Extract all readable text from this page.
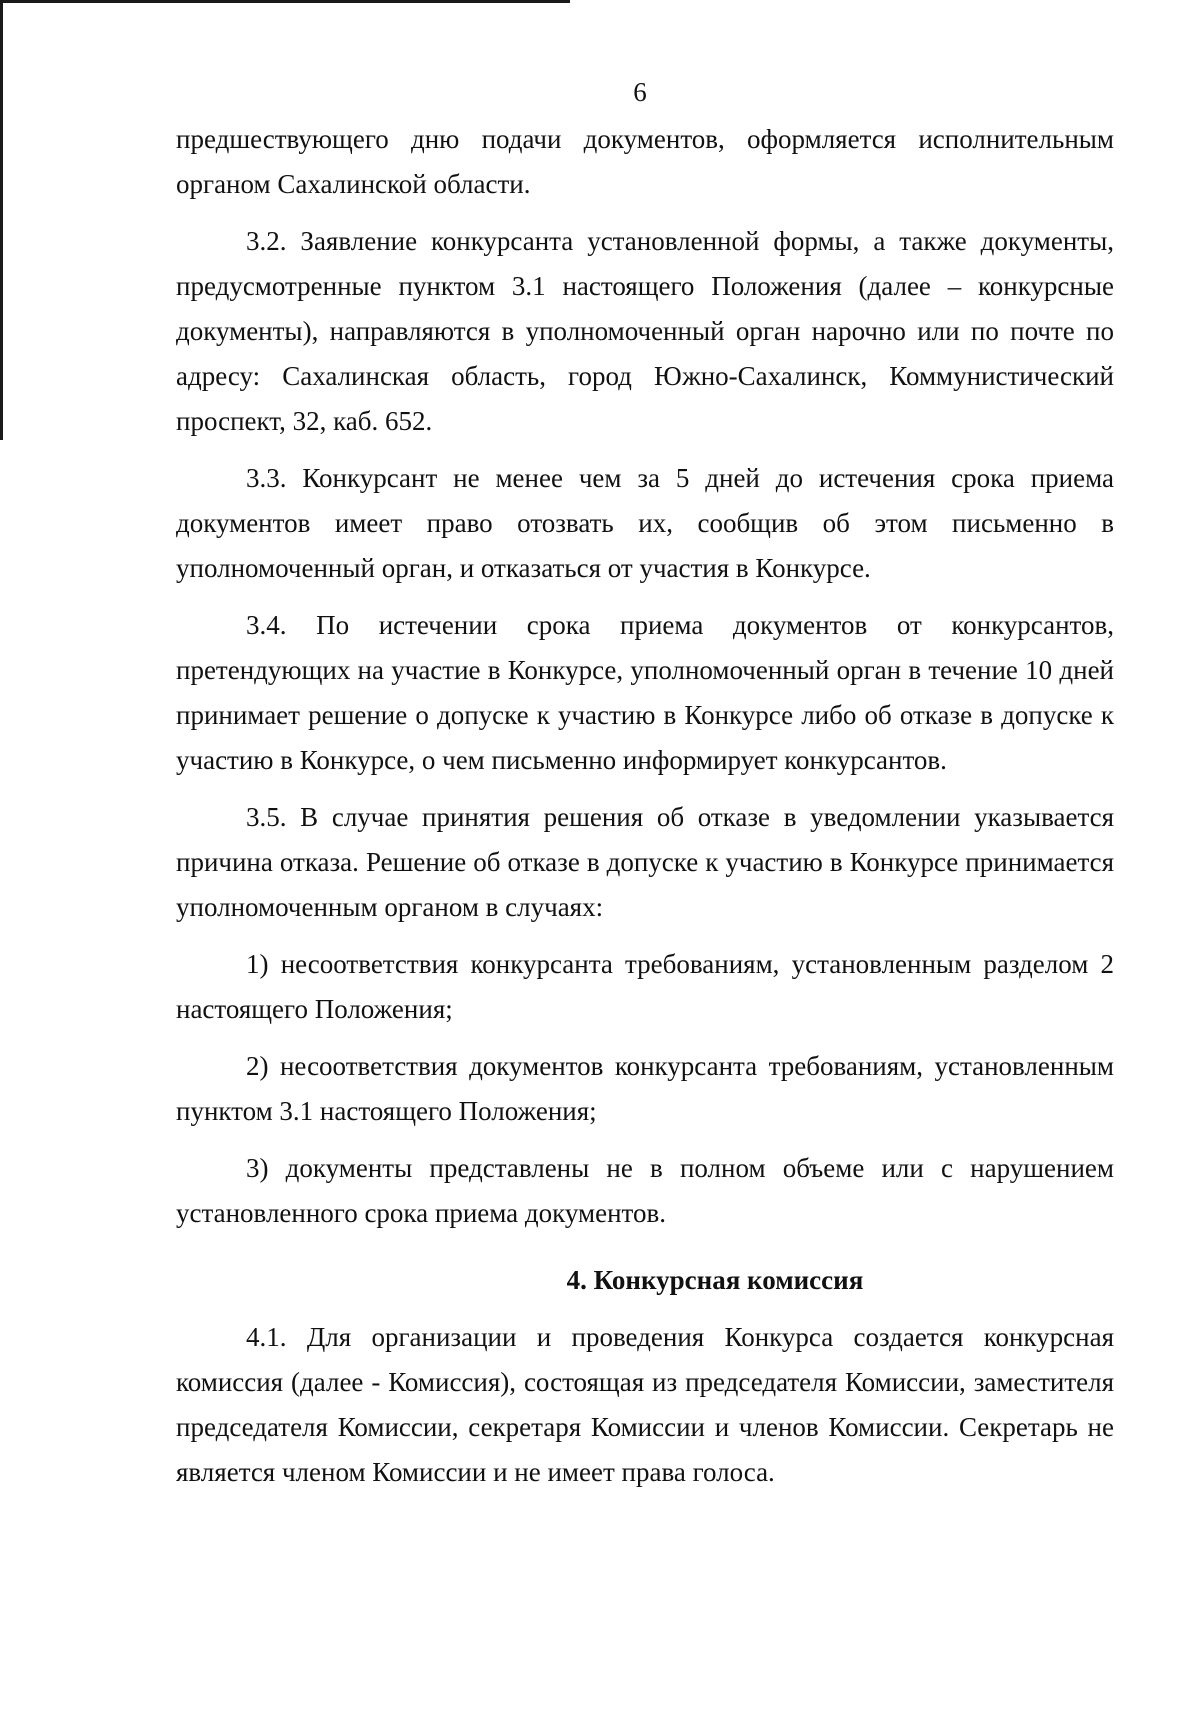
6

предшествующего дню подачи документов, оформляется исполнительным органом Сахалинской области.

3.2. Заявление конкурсанта установленной формы, а также документы, предусмотренные пунктом 3.1 настоящего Положения (далее – конкурсные документы), направляются в уполномоченный орган нарочно или по почте по адресу: Сахалинская область, город Южно-Сахалинск, Коммунистический проспект, 32, каб. 652.

3.3. Конкурсант не менее чем за 5 дней до истечения срока приема документов имеет право отозвать их, сообщив об этом письменно в уполномоченный орган, и отказаться от участия в Конкурсе.

3.4. По истечении срока приема документов от конкурсантов, претендующих на участие в Конкурсе, уполномоченный орган в течение 10 дней принимает решение о допуске к участию в Конкурсе либо об отказе в допуске к участию в Конкурсе, о чем письменно информирует конкурсантов.

3.5. В случае принятия решения об отказе в уведомлении указывается причина отказа. Решение об отказе в допуске к участию в Конкурсе принимается уполномоченным органом в случаях:

1) несоответствия конкурсанта требованиям, установленным разделом 2 настоящего Положения;

2) несоответствия документов конкурсанта требованиям, установленным пунктом 3.1 настоящего Положения;

3) документы представлены не в полном объеме или с нарушением установленного срока приема документов.

4. Конкурсная комиссия

4.1. Для организации и проведения Конкурса создается конкурсная комиссия (далее - Комиссия), состоящая из председателя Комиссии, заместителя председателя Комиссии, секретаря Комиссии и членов Комиссии. Секретарь не является членом Комиссии и не имеет права голоса.
